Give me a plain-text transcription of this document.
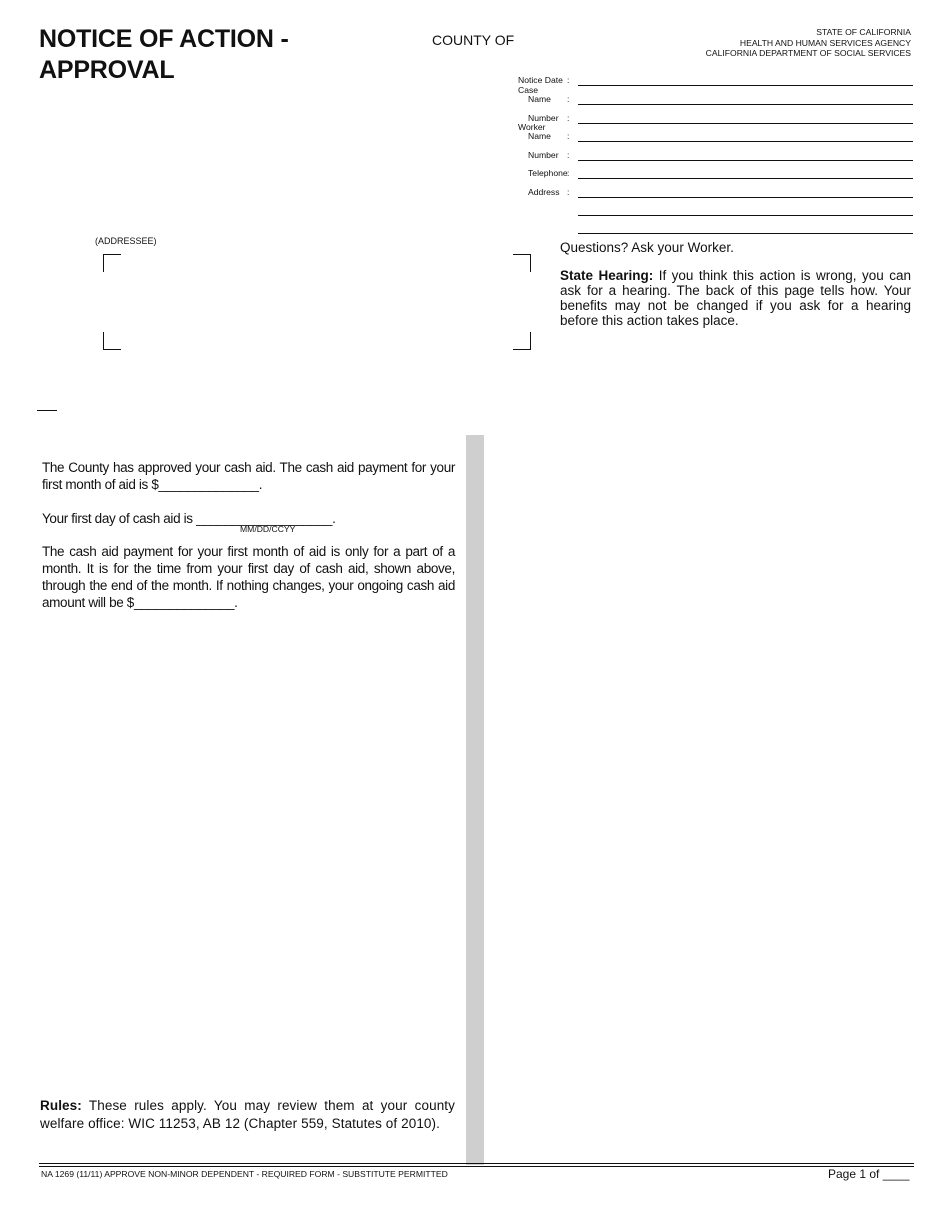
NOTICE OF ACTION -
APPROVAL
COUNTY OF	STATE OF CALIFORNIA
HEALTH AND HUMAN SERVICES AGENCY
CALIFORNIA DEPARTMENT OF SOCIAL SERVICES
Notice Date :
Case
Name :
Number :
Worker
Name :
Number :
Telephone :
Address :
(ADDRESSEE)	Questions? Ask your Worker.
State Hearing: If you think this action is wrong, you can ask for a hearing. The back of this page tells how. Your benefits may not be changed if you ask for a hearing before this action takes place.
The County has approved your cash aid. The cash aid payment for your first month of aid is $______________.
Your first day of cash aid is ___________________.
MM/DD/CCYY
The cash aid payment for your first month of aid is only for a part of a month. It is for the time from your first day of cash aid, shown above, through the end of the month. If nothing changes, your ongoing cash aid amount will be $______________.
Rules: These rules apply. You may review them at your county welfare office: WIC 11253, AB 12 (Chapter 559, Statutes of 2010).
NA 1269 (11/11) APPROVE NON-MINOR DEPENDENT - REQUIRED FORM - SUBSTITUTE PERMITTED	Page 1 of ____
